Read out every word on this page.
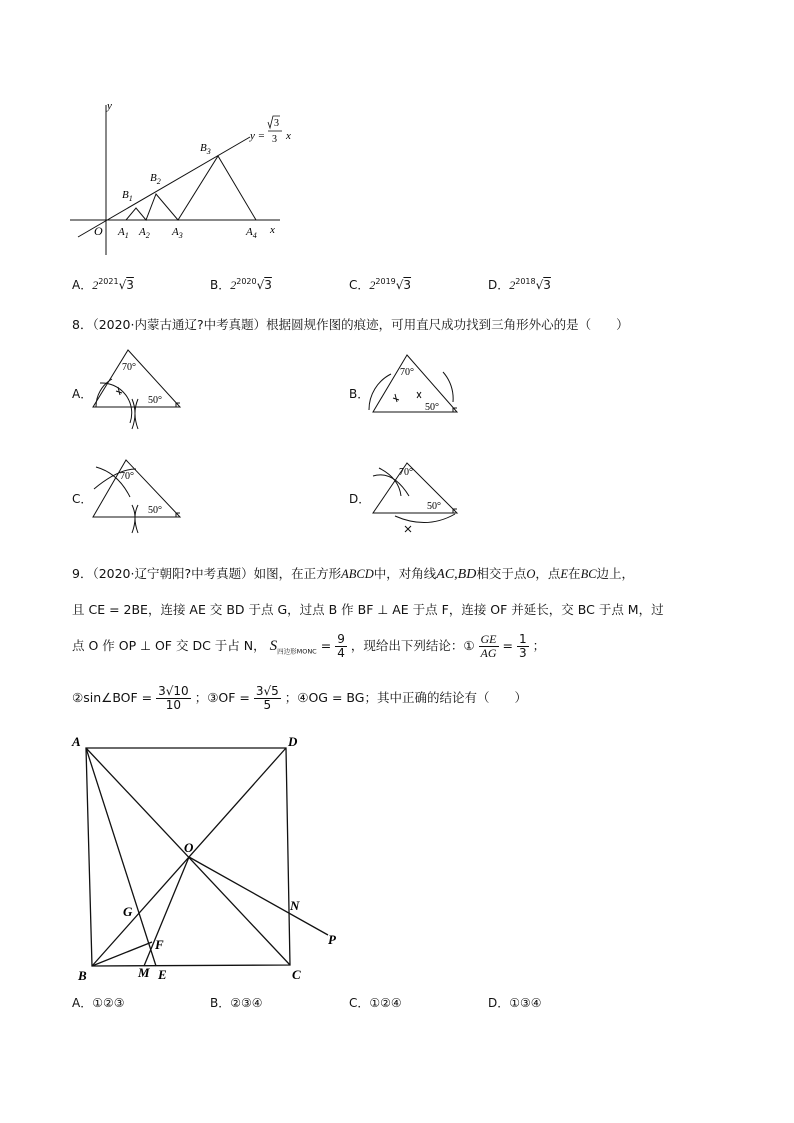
y
x
O
y =
3
3 x
$B_1$
$B_2$
$B_3$
$A_1$ $A_2$ $A_3$	$A_4$
A．$2^{2021}√3$	B．$2^{2020}√3$	C．$2^{2019}√3$	D．$2^{2018}√3$
8．（2020·内蒙古通辽?中考真题）根据圆规作图的痕迹，可用直尺成功找到三角形外心的是（　　）
A．
70°
50°	B．
70°
50°
C．
70°
50°
D．
70°
50°
9．（2020·辽宁朝阳?中考真题）如图，在正方形ABCD中，对角线AC,BD相交于点O，点E在BC边上，
且 CE = 2BE，连接 AE 交 BD 于点 G，过点 B 作 BF ⊥ AE 于点 F，连接 OF 并延长，交 BC 于点 M，过
点 O 作 OP ⊥ OF 交 DC 于占 N， $S_{四边形MONC} = \frac{9}{4}$ ，现给出下列结论：① $\frac{GE}{AG} = \frac{1}{3}$ ；
②sin∠BOF = $\frac{3√10}{10}$ ；③OF = $\frac{3√5}{5}$ ；④OG = BG；其中正确的结论有（　　）
A	D
O
G	N
P
F
B	M E	C
A．①②③	B．②③④	C．①②④	D．①③④
